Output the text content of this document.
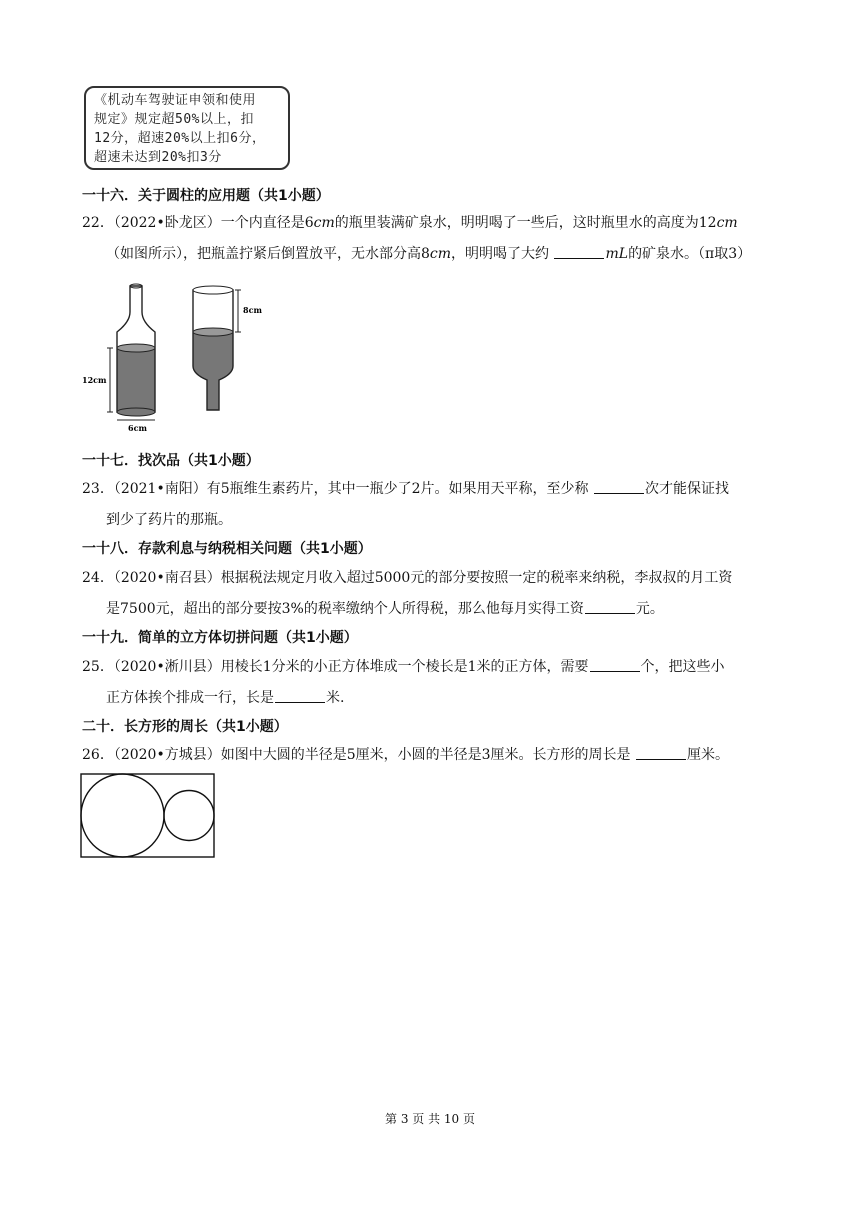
《机动车驾驶证申领和使用
规定》规定超50%以上，扣
12分，超速20%以上扣6分，
超速未达到20%扣3分
一十六．关于圆柱的应用题（共1小题）

22．（2022•卧龙区）一个内直径是6cm的瓶里装满矿泉水，明明喝了一些后，这时瓶里水的高度为12cm

（如图所示），把瓶盖拧紧后倒置放平，无水部分高8cm，明明喝了大约	mL的矿泉水。（π取3）

12cm
6cm
8cm
一十七．找次品（共1小题）

23．（2021•南阳）有5瓶维生素药片，其中一瓶少了2片。如果用天平称，至少称	次才能保证找

到少了药片的那瓶。

一十八．存款利息与纳税相关问题（共1小题）

24．（2020•南召县）根据税法规定月收入超过5000元的部分要按照一定的税率来纳税，李叔叔的月工资

是7500元，超出的部分要按3%的税率缴纳个人所得税，那么他每月实得工资	元。

一十九．简单的立方体切拼问题（共1小题）

25．（2020•淅川县）用棱长1分米的小正方体堆成一个棱长是1米的正方体，需要	个，把这些小

正方体挨个排成一行，长是	米.

二十．长方形的周长（共1小题）

26．（2020•方城县）如图中大圆的半径是5厘米，小圆的半径是3厘米。长方形的周长是	厘米。

第 3 页 共 10 页
